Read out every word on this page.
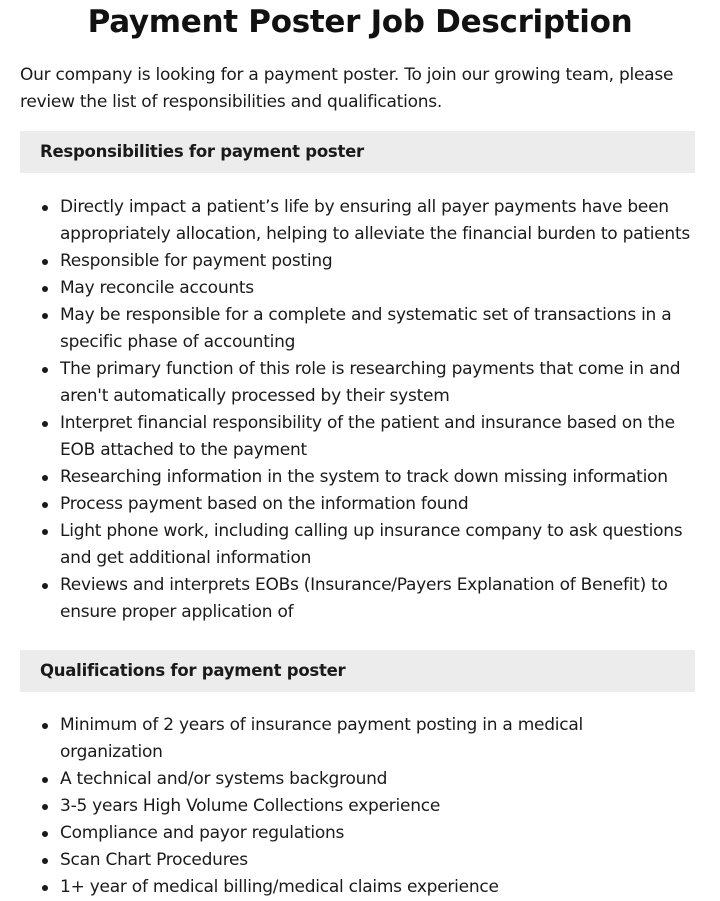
Payment Poster Job Description

Our company is looking for a payment poster. To join our growing team, please review the list of responsibilities and qualifications.

Responsibilities for payment poster
Directly impact a patient’s life by ensuring all payer payments have been appropriately allocation, helping to alleviate the financial burden to patients
Responsible for payment posting
May reconcile accounts
May be responsible for a complete and systematic set of transactions in a specific phase of accounting
The primary function of this role is researching payments that come in and aren't automatically processed by their system
Interpret financial responsibility of the patient and insurance based on the EOB attached to the payment
Researching information in the system to track down missing information
Process payment based on the information found
Light phone work, including calling up insurance company to ask questions and get additional information
Reviews and interprets EOBs (Insurance/Payers Explanation of Benefit) to ensure proper application of
Qualifications for payment poster
Minimum of 2 years of insurance payment posting in a medical organization
A technical and/or systems background
3-5 years High Volume Collections experience
Compliance and payor regulations
Scan Chart Procedures
1+ year of medical billing/medical claims experience
